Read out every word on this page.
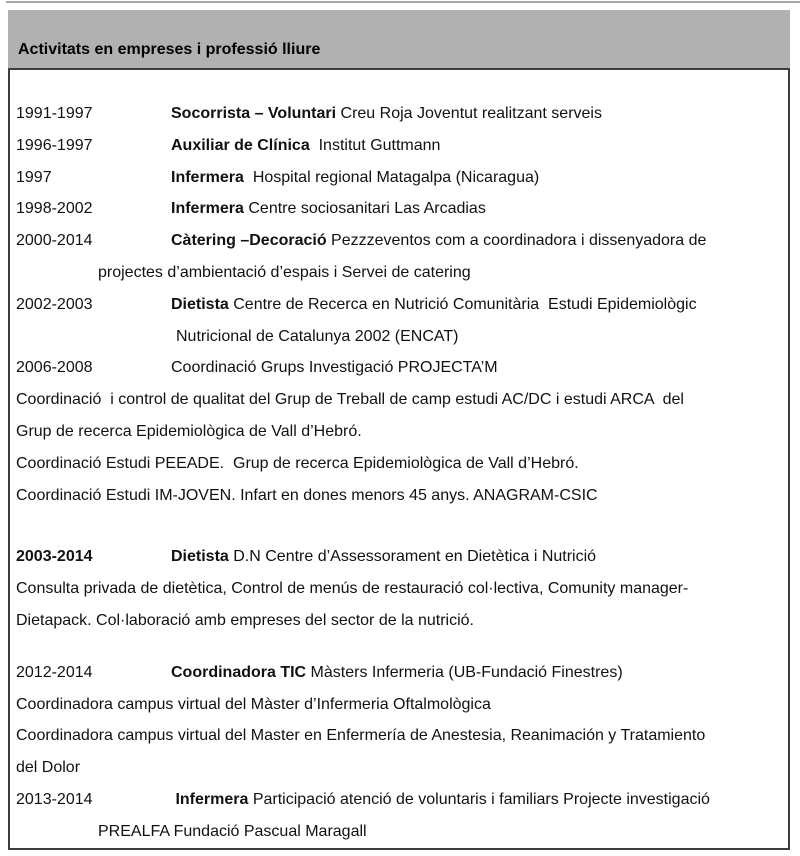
Activitats en empreses i professió lliure
1991-1997	Socorrista – Voluntari Creu Roja Joventut realitzant serveis
1996-1997	Auxiliar de Clínica  Institut Guttmann
1997	Infermera  Hospital regional Matagalpa (Nicaragua)
1998-2002	Infermera Centre sociosanitari Las Arcadias
2000-2014	Càtering –Decoració Pezzzeventos com a coordinadora i dissenyadora de
projectes d’ambientació d’espais i Servei de catering
2002-2003	Dietista Centre de Recerca en Nutrició Comunitària  Estudi Epidemiològic
Nutricional de Catalunya 2002 (ENCAT)
2006-2008	Coordinació Grups Investigació PROJECTA’M
Coordinació  i control de qualitat del Grup de Treball de camp estudi AC/DC i estudi ARCA  del
Grup de recerca Epidemiològica de Vall d’Hebró.
Coordinació Estudi PEEADE.  Grup de recerca Epidemiològica de Vall d’Hebró.
Coordinació Estudi IM-JOVEN. Infart en dones menors 45 anys. ANAGRAM-CSIC
2003-2014	Dietista D.N Centre d’Assessorament en Dietètica i Nutrició
Consulta privada de dietètica, Control de menús de restauració col·lectiva, Comunity manager-
Dietapack. Col·laboració amb empreses del sector de la nutrició.
2012-2014	Coordinadora TIC Màsters Infermeria (UB-Fundació Finestres)
Coordinadora campus virtual del Màster d’Infermeria Oftalmològica
Coordinadora campus virtual del Master en Enfermería de Anestesia, Reanimación y Tratamiento
del Dolor
2013-2014	Infermera Participació atenció de voluntaris i familiars Projecte investigació
PREALFA Fundació Pascual Maragall
